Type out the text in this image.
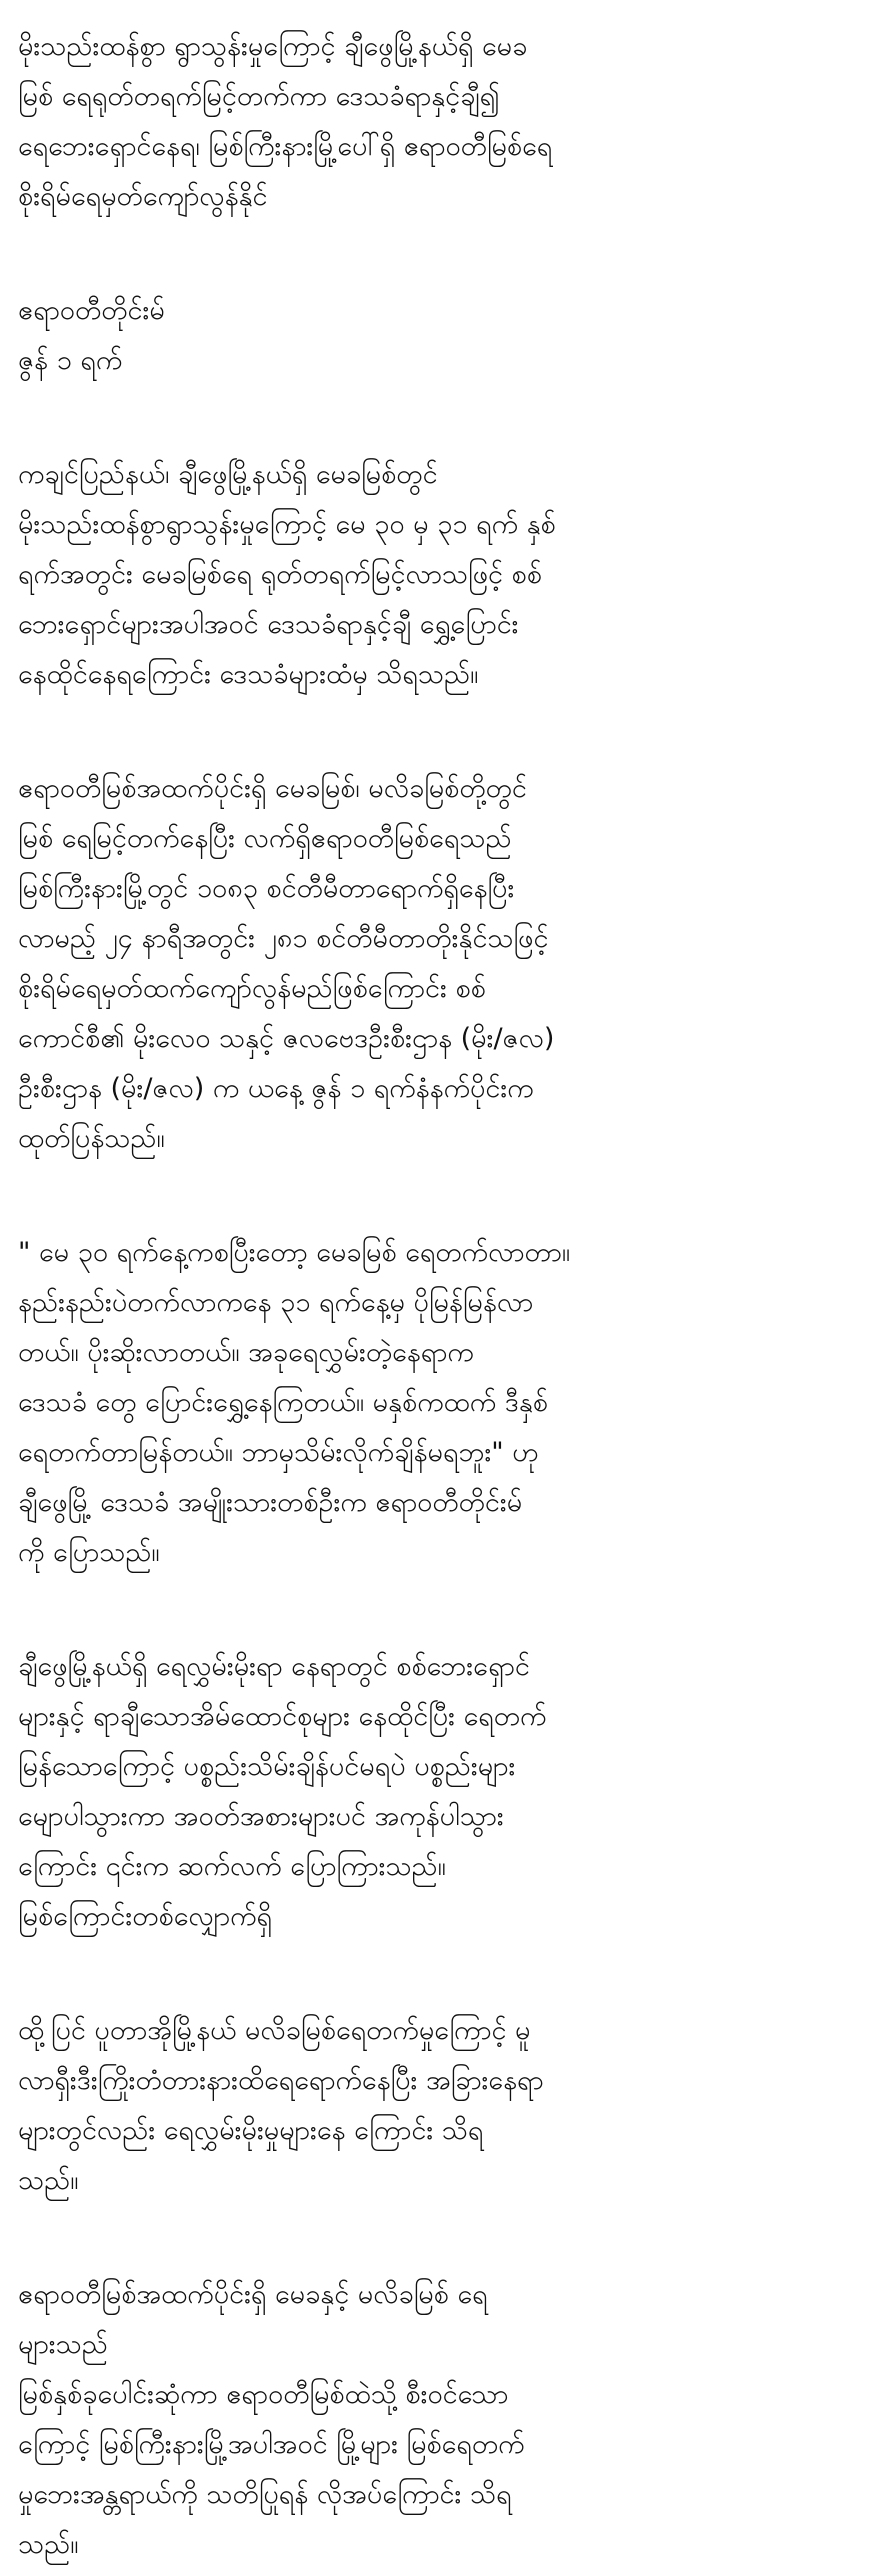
မိုးသည်းထန်စွာ ရွာသွန်းမှုကြောင့် ချီဖွေမြို့နယ်ရှိ မေခ
မြစ် ရေရုတ်တရက်မြင့်တက်ကာ ဒေသခံရာနှင့်ချီ၍
ရေဘေးရှောင်နေရ၊ မြစ်ကြီးနားမြို့ပေါ်ရှိ ဧရာဝတီမြစ်ရေ
စိုးရိမ်ရေမှတ်ကျော်လွန်နိုင်

ဧရာဝတီတိုင်းမ်
ဇွန် ၁ ရက်

ကချင်ပြည်နယ်၊ ချီဖွေမြို့နယ်ရှိ မေခမြစ်တွင်
မိုးသည်းထန်စွာရွာသွန်းမှုကြောင့် မေ ၃၀ မှ ၃၁ ရက် နှစ်
ရက်အတွင်း မေခမြစ်ရေ ရုတ်တရက်မြင့်လာသဖြင့် စစ်
ဘေးရှောင်များအပါအဝင် ဒေသခံရာနှင့်ချီ ရွှေ့ပြောင်း
နေထိုင်နေရကြောင်း ဒေသခံများထံမှ သိရသည်။

ဧရာဝတီမြစ်အထက်ပိုင်းရှိ မေခမြစ်၊ မလိခမြစ်တို့တွင်
မြစ် ရေမြင့်တက်နေပြီး လက်ရှိဧရာဝတီမြစ်ရေသည်
မြစ်ကြီးနားမြို့တွင် ၁၀၈၃ စင်တီမီတာရောက်ရှိနေပြီး
လာမည့် ၂၄ နာရီအတွင်း ၂၈၁ စင်တီမီတာတိုးနိုင်သဖြင့်
စိုးရိမ်ရေမှတ်ထက်ကျော်လွန်မည်ဖြစ်ကြောင်း စစ်
ကောင်စီ၏ မိုးလေဝ သနှင့် ဇလဗေဒဦးစီးဌာန (မိုး/ဇလ)
ဦးစီးဌာန (မိုး/ဇလ) က ယနေ့ ဇွန် ၁ ရက်နံနက်ပိုင်းက
ထုတ်ပြန်သည်။

" မေ ၃၀ ရက်နေ့ကစပြီးတော့ မေခမြစ် ရေတက်လာတာ။
နည်းနည်းပဲတက်လာကနေ ၃၁ ရက်နေ့မှ ပိုမြန်မြန်လာ
တယ်။ ပိုးဆိုးလာတယ်။ အခုရေလွှမ်းတဲ့နေရာက
ဒေသခံ တွေ ပြောင်းရွှေ့နေကြတယ်။ မနှစ်ကထက် ဒီနှစ်
ရေတက်တာမြန်တယ်။ ဘာမှသိမ်းလိုက်ချိန်မရဘူး" ဟု
ချီဖွေမြို့ ဒေသခံ အမျိုးသားတစ်ဦးက ဧရာဝတီတိုင်းမ်
ကို ပြောသည်။

ချီဖွေမြို့နယ်ရှိ ရေလွှမ်းမိုးရာ နေရာတွင် စစ်ဘေးရှောင်
များနှင့် ရာချီသောအိမ်ထောင်စုများ နေထိုင်ပြီး ရေတက်
မြန်သောကြောင့် ပစ္စည်းသိမ်းချိန်ပင်မရပဲ ပစ္စည်းများ
မျောပါသွားကာ အဝတ်အစားများပင် အကုန်ပါသွား
ကြောင်း ၎င်းက ဆက်လက် ပြောကြားသည်။
မြစ်ကြောင်းတစ်လျှောက်ရှိ

ထို့ပြင် ပူတာအိုမြို့နယ် မလိခမြစ်ရေတက်မှုကြောင့် မူ
လာရှီးဒီးကြိုးတံတားနားထိရေရောက်နေပြီး အခြားနေရာ
များတွင်လည်း ရေလွှမ်းမိုးမှုများနေ ကြောင်း သိရ
သည်။

ဧရာဝတီမြစ်အထက်ပိုင်းရှိ မေခနှင့် မလိခမြစ် ရေ
များသည်
မြစ်နှစ်ခုပေါင်းဆုံကာ ဧရာဝတီမြစ်ထဲသို့ စီးဝင်သော
ကြောင့် မြစ်ကြီးနားမြို့အပါအဝင် မြို့များ မြစ်ရေတက်
မှုဘေးအန္တရာယ်ကို သတိပြုရန် လိုအပ်ကြောင်း သိရ
သည်။
